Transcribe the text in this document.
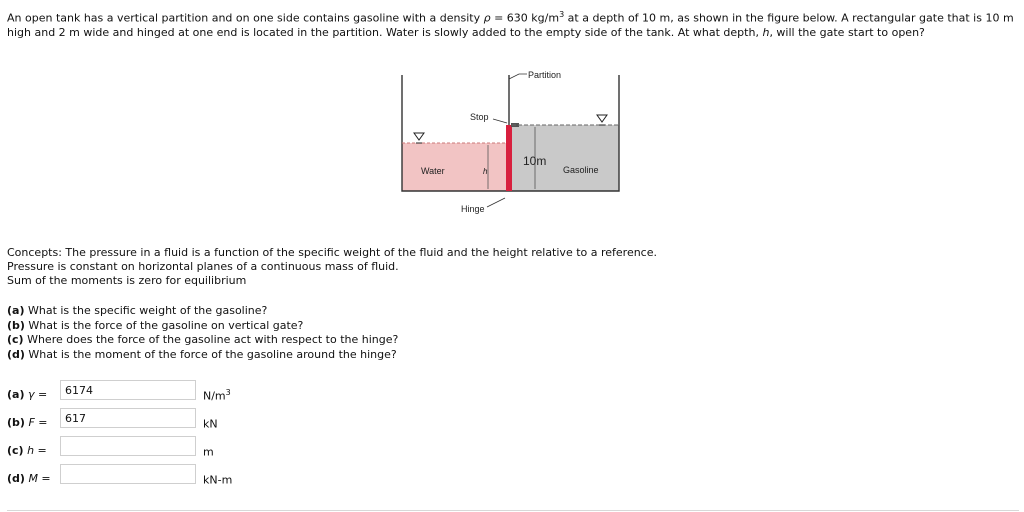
An open tank has a vertical partition and on one side contains gasoline with a density ρ = 630 $kg/m^3$ at a depth of 10 m, as shown in the figure below. A rectangular gate that is 10 m high and 2 m wide and hinged at one end is located in the partition. Water is slowly added to the empty side of the tank. At what depth, h, will the gate start to open?
Partition
Stop
10m
Water	h	Gasoline
Hinge
Concepts: The pressure in a fluid is a function of the specific weight of the fluid and the height relative to a reference.
Pressure is constant on horizontal planes of a continuous mass of fluid.
Sum of the moments is zero for equilibrium
(a) What is the specific weight of the gasoline?
(b) What is the force of the gasoline on vertical gate?
(c) Where does the force of the gasoline act with respect to the hinge?
(d) What is the moment of the force of the gasoline around the hinge?
(a) γ =
6174	$N/m^3$
(b) F =
617	kN
(c) h =	m
(d) M =	kN-m
